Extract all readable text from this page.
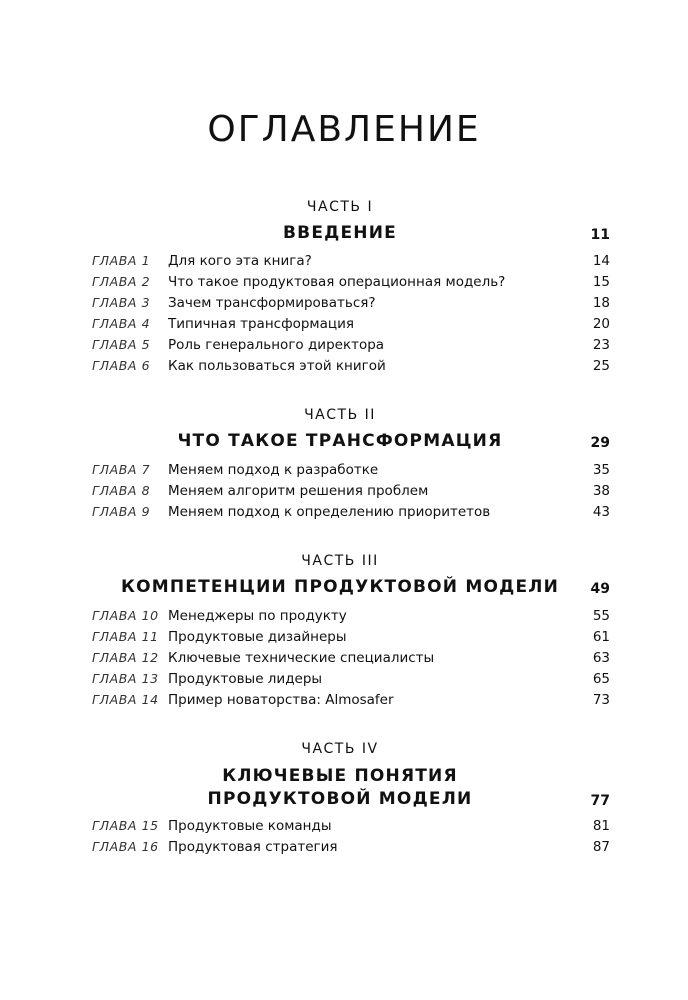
ОГЛАВЛЕНИЕ
ЧАСТЬ I
ВВЕДЕНИЕ	11
ГЛАВА 1	Для кого эта книга?	14
ГЛАВА 2	Что такое продуктовая операционная модель?	15
ГЛАВА 3	Зачем трансформироваться?	18
ГЛАВА 4	Типичная трансформация	20
ГЛАВА 5	Роль генерального директора	23
ГЛАВА 6	Как пользоваться этой книгой	25
ЧАСТЬ II
ЧТО ТАКОЕ ТРАНСФОРМАЦИЯ	29
ГЛАВА 7	Меняем подход к разработке	35
ГЛАВА 8	Меняем алгоритм решения проблем	38
ГЛАВА 9	Меняем подход к определению приоритетов	43
ЧАСТЬ III
КОМПЕТЕНЦИИ ПРОДУКТОВОЙ МОДЕЛИ	49
ГЛАВА 10 Менеджеры по продукту	55
ГЛАВА 11 Продуктовые дизайнеры	61
ГЛАВА 12 Ключевые технические специалисты	63
ГЛАВА 13 Продуктовые лидеры	65
ГЛАВА 14 Пример новаторства: Almosafer	73
ЧАСТЬ IV
КЛЮЧЕВЫЕ ПОНЯТИЯ
ПРОДУКТОВОЙ МОДЕЛИ	77
ГЛАВА 15 Продуктовые команды	81
ГЛАВА 16 Продуктовая стратегия	87
